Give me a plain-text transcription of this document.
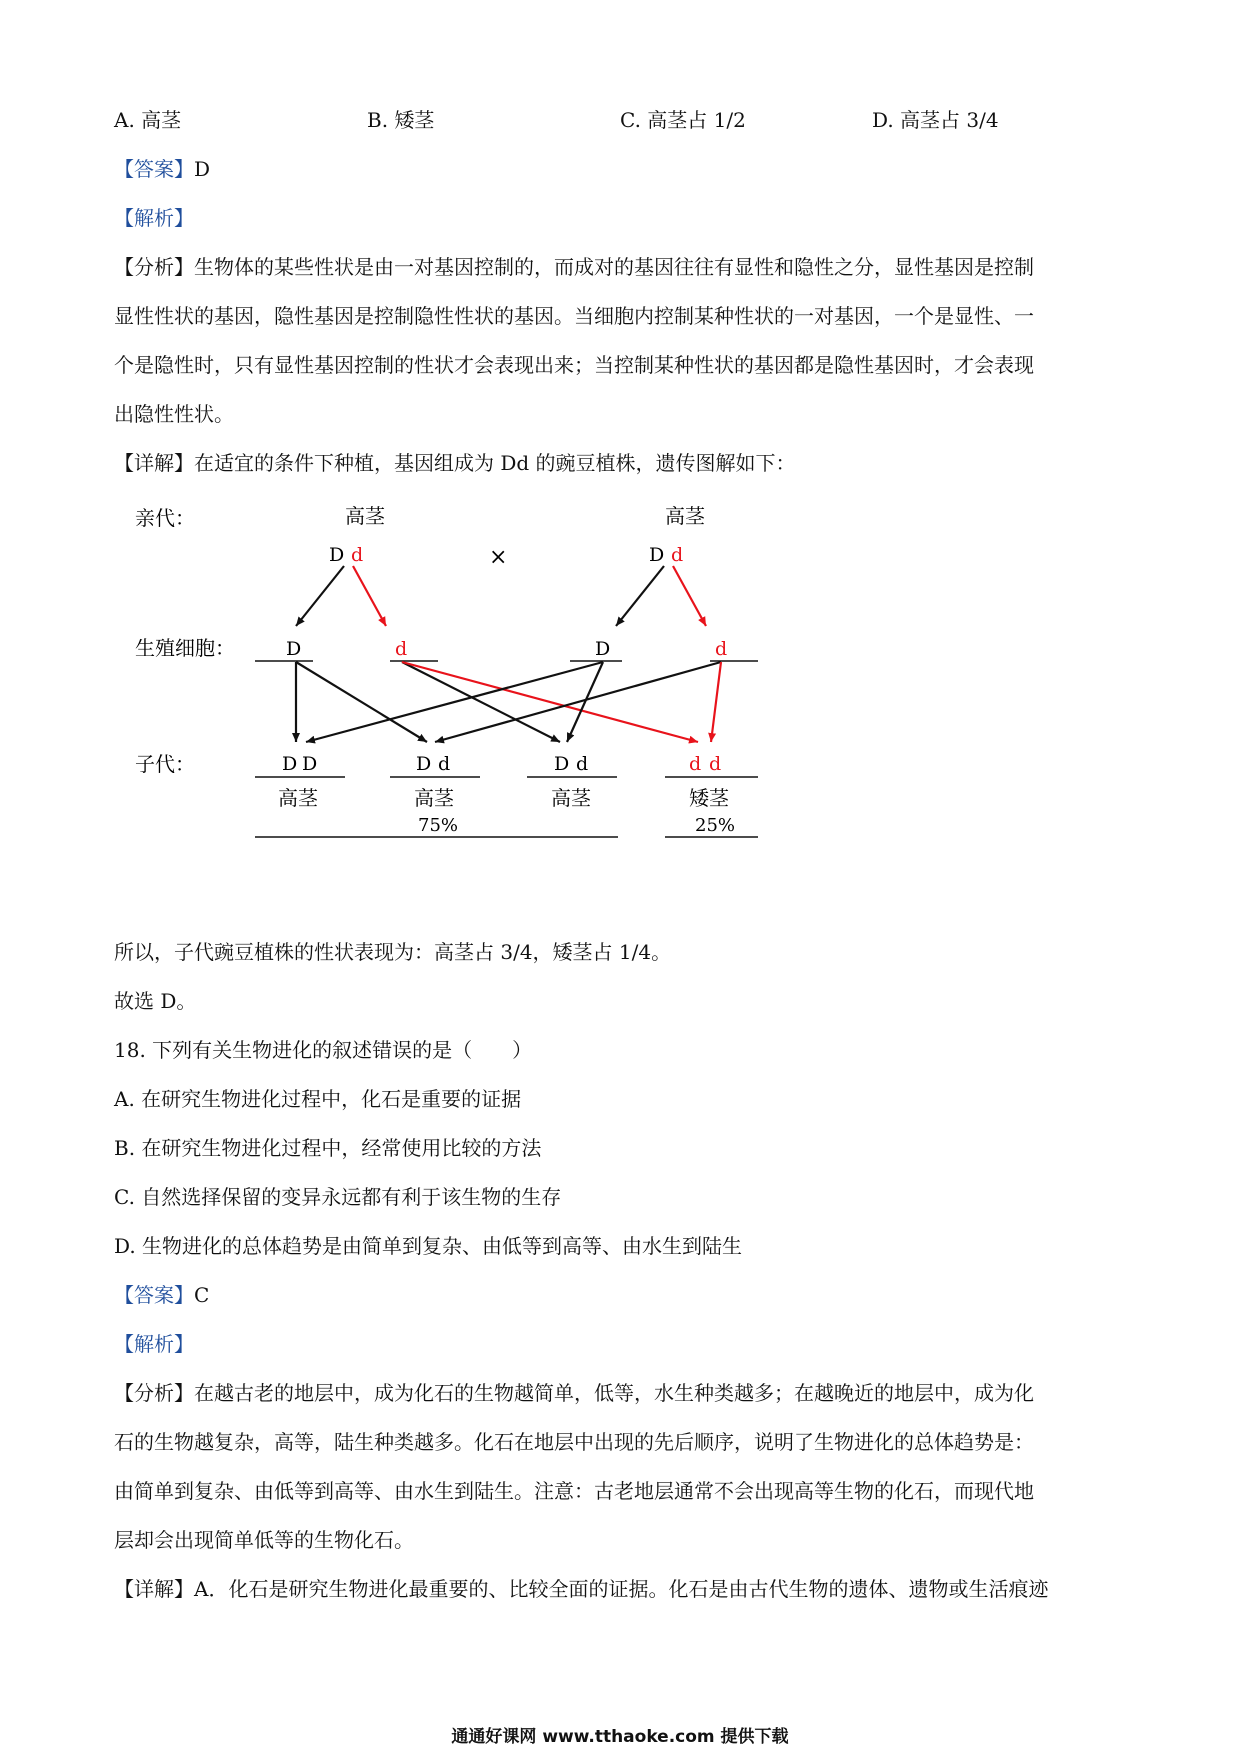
A. 高茎	B. 矮茎	C. 高茎占 1/2	D. 高茎占 3/4
【答案】D
【解析】
【分析】生物体的某些性状是由一对基因控制的，而成对的基因往往有显性和隐性之分，显性基因是控制
显性性状的基因，隐性基因是控制隐性性状的基因。当细胞内控制某种性状的一对基因，一个是显性、一
个是隐性时，只有显性基因控制的性状才会表现出来；当控制某种性状的基因都是隐性基因时，才会表现
出隐性性状。
【详解】在适宜的条件下种植，基因组成为 Dd 的豌豆植株，遗传图解如下：
亲代：
生殖细胞：
子代：
高茎	高茎
D d	×	D d
D	d	D	d
D D	D d	D d	d d
高茎	高茎	高茎	矮茎
75%	25%
所以，子代豌豆植株的性状表现为：高茎占 3/4，矮茎占 1/4。
故选 D。
18. 下列有关生物进化的叙述错误的是（　　）
A. 在研究生物进化过程中，化石是重要的证据
B. 在研究生物进化过程中，经常使用比较的方法
C. 自然选择保留的变异永远都有利于该生物的生存
D. 生物进化的总体趋势是由简单到复杂、由低等到高等、由水生到陆生
【答案】C
【解析】
【分析】在越古老的地层中，成为化石的生物越简单，低等，水生种类越多；在越晚近的地层中，成为化
石的生物越复杂，高等，陆生种类越多。化石在地层中出现的先后顺序，说明了生物进化的总体趋势是：
由简单到复杂、由低等到高等、由水生到陆生。注意：古老地层通常不会出现高等生物的化石，而现代地
层却会出现简单低等的生物化石。
【详解】A．化石是研究生物进化最重要的、比较全面的证据。化石是由古代生物的遗体、遗物或生活痕迹
通通好课网 www.tthaoke.com 提供下载
